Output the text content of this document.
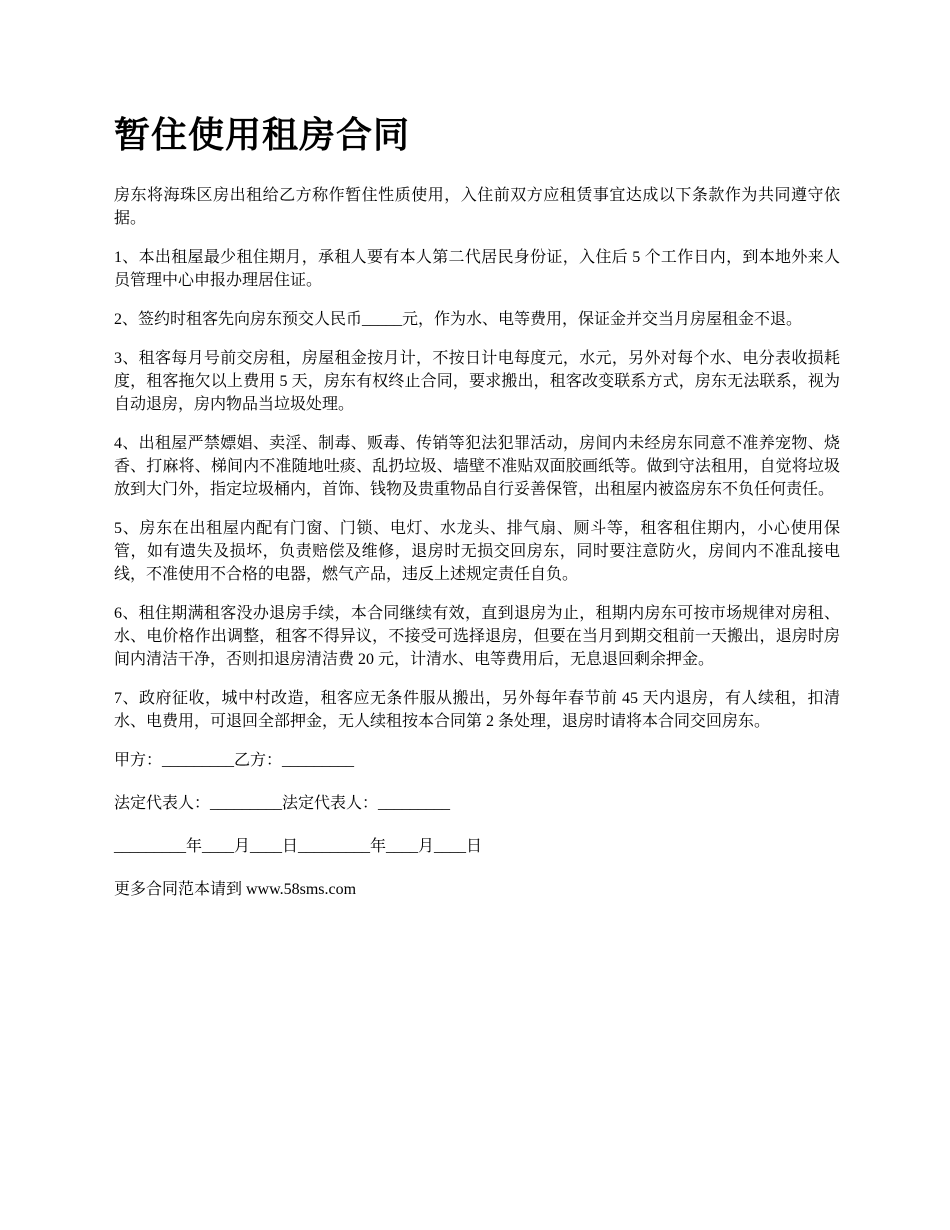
暂住使用租房合同

房东将海珠区房出租给乙方称作暂住性质使用，入住前双方应租赁事宜达成以下条款作为共同遵守依据。

1、本出租屋最少租住期月，承租人要有本人第二代居民身份证，入住后 5 个工作日内，到本地外来人员管理中心申报办理居住证。

2、签约时租客先向房东预交人民币_____元，作为水、电等费用，保证金并交当月房屋租金不退。

3、租客每月号前交房租，房屋租金按月计，不按日计电每度元，水元，另外对每个水、电分表收损耗度，租客拖欠以上费用 5 天，房东有权终止合同，要求搬出，租客改变联系方式，房东无法联系，视为自动退房，房内物品当垃圾处理。

4、出租屋严禁嫖娼、卖淫、制毒、贩毒、传销等犯法犯罪活动，房间内未经房东同意不准养宠物、烧香、打麻将、梯间内不准随地吐痰、乱扔垃圾、墙壁不准贴双面胶画纸等。做到守法租用，自觉将垃圾放到大门外，指定垃圾桶内，首饰、钱物及贵重物品自行妥善保管，出租屋内被盗房东不负任何责任。

5、房东在出租屋内配有门窗、门锁、电灯、水龙头、排气扇、厕斗等，租客租住期内，小心使用保管，如有遗失及损坏，负责赔偿及维修，退房时无损交回房东，同时要注意防火，房间内不准乱接电线，不准使用不合格的电器，燃气产品，违反上述规定责任自负。

6、租住期满租客没办退房手续，本合同继续有效，直到退房为止，租期内房东可按市场规律对房租、水、电价格作出调整，租客不得异议，不接受可选择退房，但要在当月到期交租前一天搬出，退房时房间内清洁干净，否则扣退房清洁费 20 元，计清水、电等费用后，无息退回剩余押金。

7、政府征收，城中村改造，租客应无条件服从搬出，另外每年春节前 45 天内退房，有人续租，扣清水、电费用，可退回全部押金，无人续租按本合同第 2 条处理，退房时请将本合同交回房东。

甲方：_________乙方：_________

法定代表人：_________法定代表人：_________

_________年____月____日_________年____月____日

更多合同范本请到 www.58sms.com
